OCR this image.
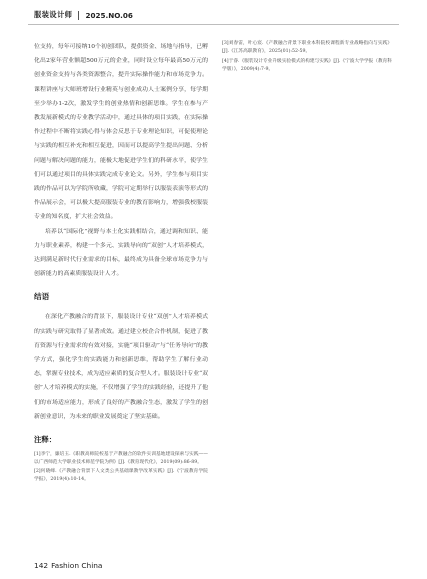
服装设计师 2025.NO.06

位支持，每年可接纳10个初创团队，提供资金、场地与指导，已孵化出2家年营业额超500万元的企业，同时设立每年最高50万元的创业资金支持与各类资源整合，提升实际操作能力和市场竞争力。课程讲座与大师班增设行业精英与创业成功人士案例分享，每学期至少举办1-2次，激发学生的创业热情和创新思维。学生在参与产教发展新模式的专业教学活动中，通过具体的项目实践，在实际操作过程中不断将实践心得与体会反思于专业理论知识，可促使理论与实践的相互补充和相互促进，因而可以提高学生提出问题、分析问题与解决问题的能力，能极大地促进学生们的科研水平，使学生们可以通过项目的具体实践完成专业论文。另外，学生参与项目实践的作品可以为学院所收藏，学院可定期举行以服装表演等形式的作品展示会，可以极大提高服装专业的教育影响力，增强我校服装专业的知名度，扩大社会效益。

培养以“国际化”视野与本土化实践相结合，通过调和知识、能力与职业素养，构建一个多元、实践导向的“双创”人才培养模式，达到满足新时代行业需求的目标，最终成为具备全球市场竞争力与创新能力的高素质服装设计人才。

结语

在深化产教融合的背景下，服装设计专业“双创”人才培养模式的实践与研究取得了显著成效。通过建立校企合作机制，促进了教育资源与行业需求的有效对接，实施“项目驱动”与“任务导向”的教学方式，强化学生的实践能力和创新思维，帮助学生了解行业动态，掌握专业技术，成为适应素质的复合型人才。服装设计专业“双创”人才培养模式的实施，不仅增强了学生的实践经验，还提升了他们的市场适应能力，形成了良好的产教融合生态，激发了学生的创新创业意识，为未来的职业发展奠定了坚实基础。

注释：

[1]李宁，廉培玉.《职教高师院校基于产教融合的软件实训基地建设探索与实践——以广西师范大学职业技术师范学院为例》[J].《教育现代化》，2019(09):86-89。

[2]何晓峰.《产教融合背景下人文类公共基础课教学改革实践》[J].《宁波教育学院学报》，2019(4):10-14。

[3]刘春雷，叶心宸.《产教融合背景下职业本科院校课程新专业战略指向与实践》[J].《江苏高职教育》，2025(01):52-59。

[4]于睿.《服装设计专业升级实验模式的构建与实践》[J].《宁波大学学报（教育科学版）》，2009(4):7-9。

142 Fashion China
